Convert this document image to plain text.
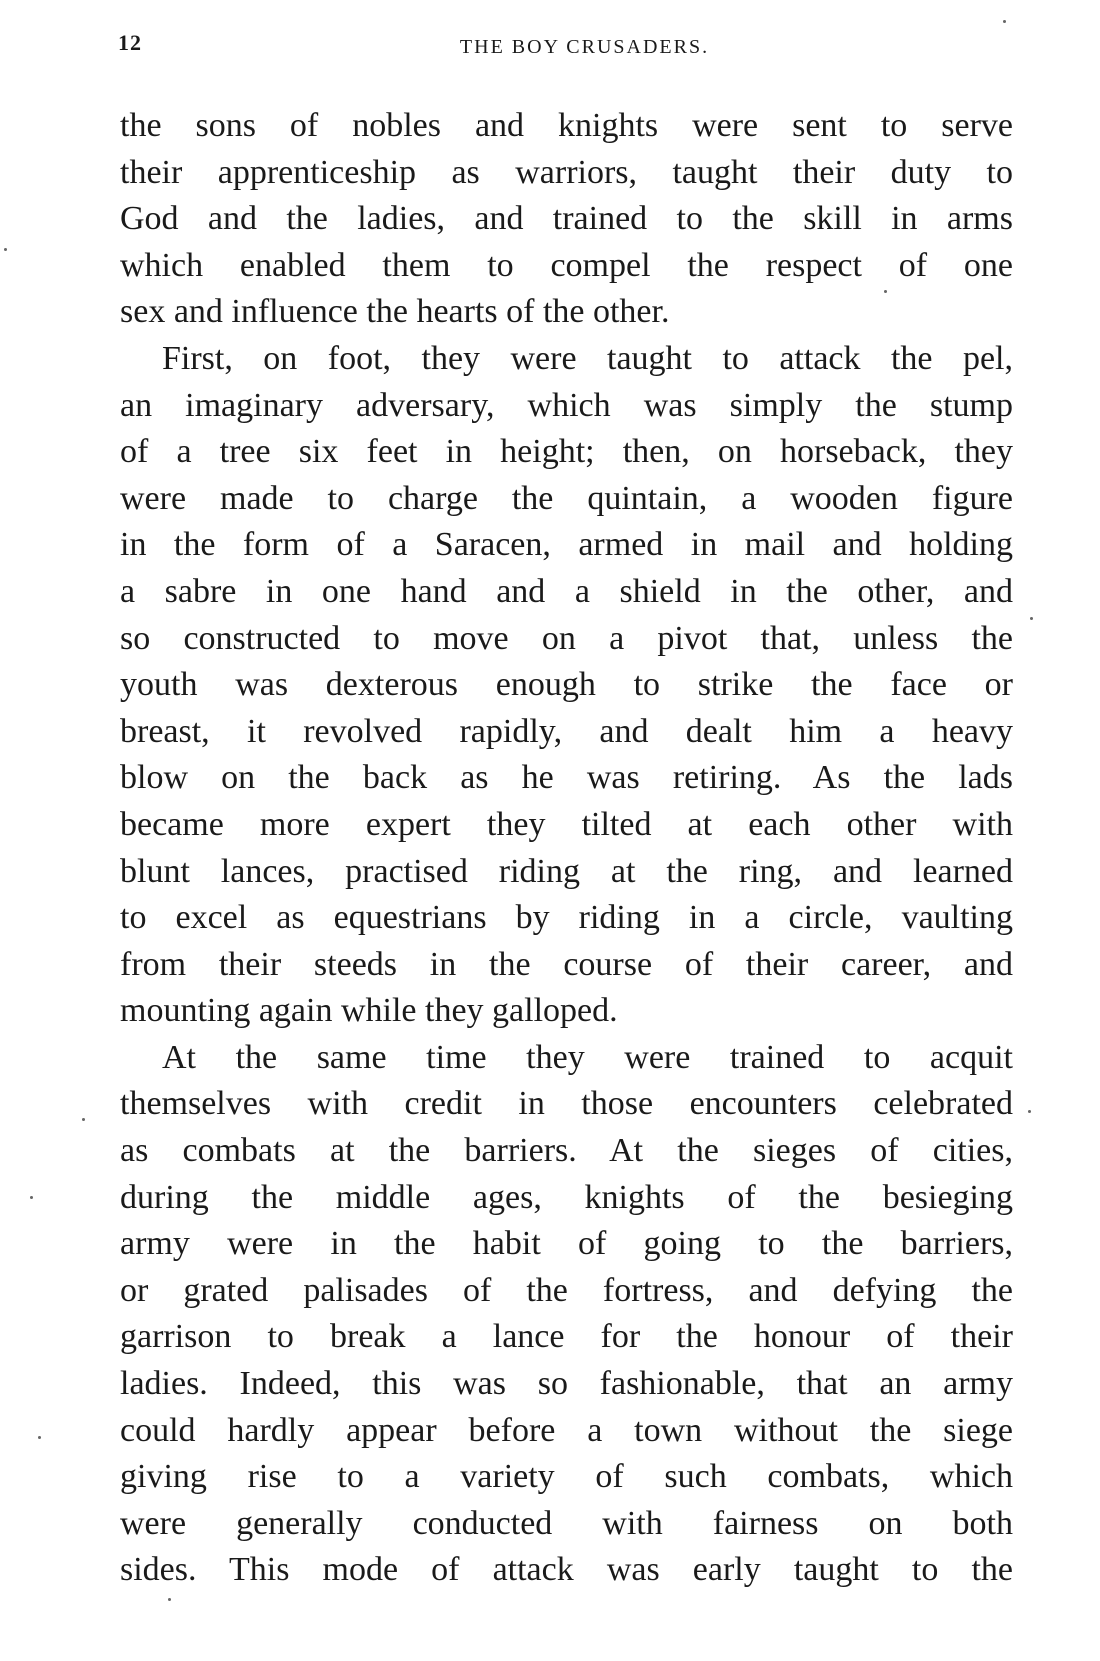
12	THE BOY CRUSADERS.
the sons of nobles and knights were sent to serve
their apprenticeship as warriors, taught their duty to
God and the ladies, and trained to the skill in arms
which enabled them to compel the respect of one
sex and influence the hearts of the other.
First, on foot, they were taught to attack the pel,
an imaginary adversary, which was simply the stump
of a tree six feet in height; then, on horseback, they
were made to charge the quintain, a wooden figure
in the form of a Saracen, armed in mail and holding
a sabre in one hand and a shield in the other, and
so constructed to move on a pivot that, unless the
youth was dexterous enough to strike the face or
breast, it revolved rapidly, and dealt him a heavy
blow on the back as he was retiring. As the lads
became more expert they tilted at each other with
blunt lances, practised riding at the ring, and learned
to excel as equestrians by riding in a circle, vaulting
from their steeds in the course of their career, and
mounting again while they galloped.
At the same time they were trained to acquit
themselves with credit in those encounters celebrated
as combats at the barriers. At the sieges of cities,
during the middle ages, knights of the besieging
army were in the habit of going to the barriers,
or grated palisades of the fortress, and defying the
garrison to break a lance for the honour of their
ladies. Indeed, this was so fashionable, that an army
could hardly appear before a town without the siege
giving rise to a variety of such combats, which
were generally conducted with fairness on both
sides. This mode of attack was early taught to the
